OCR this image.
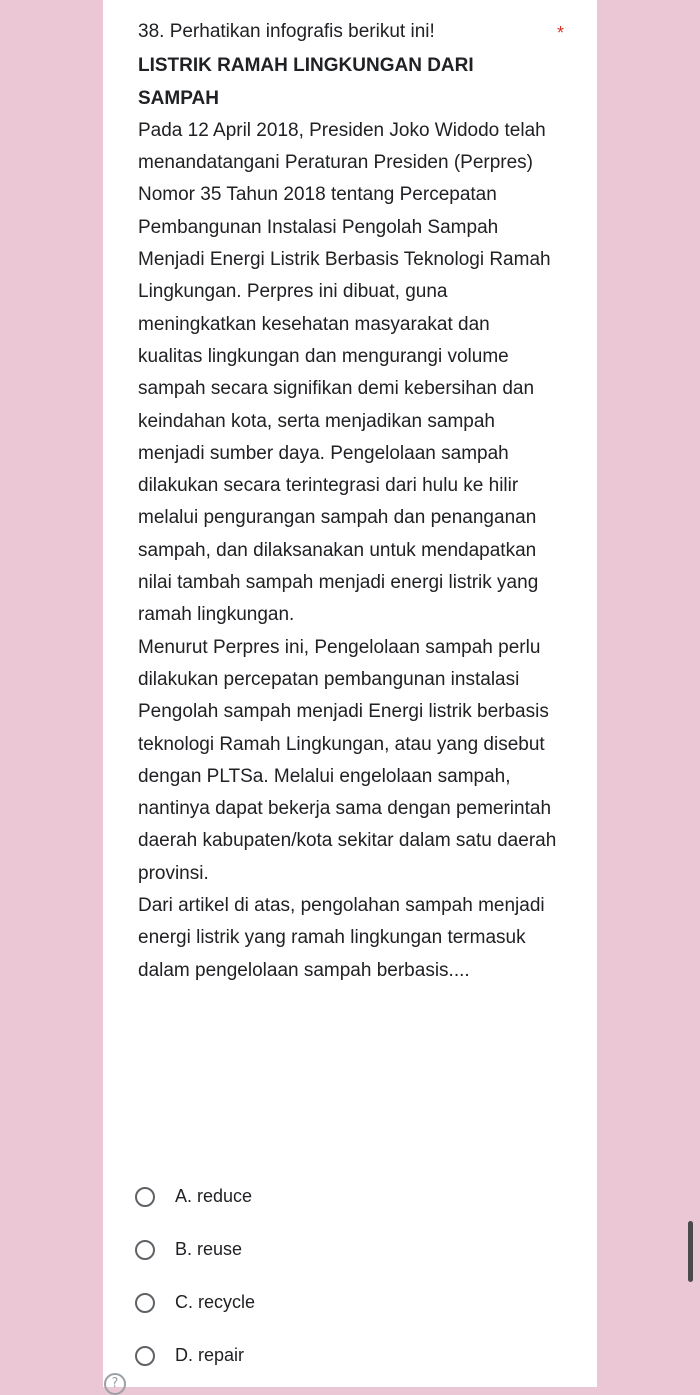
38. Perhatikan infografis berikut ini!
LISTRIK RAMAH LINGKUNGAN DARI SAMPAH

Pada 12 April 2018, Presiden Joko Widodo telah menandatangani Peraturan Presiden (Perpres) Nomor 35 Tahun 2018 tentang Percepatan Pembangunan Instalasi Pengolah Sampah Menjadi Energi Listrik Berbasis Teknologi Ramah Lingkungan. Perpres ini dibuat, guna meningkatkan kesehatan masyarakat dan kualitas lingkungan dan mengurangi volume sampah secara signifikan demi kebersihan dan keindahan kota, serta menjadikan sampah menjadi sumber daya. Pengelolaan sampah dilakukan secara terintegrasi dari hulu ke hilir melalui pengurangan sampah dan penanganan sampah, dan dilaksanakan untuk mendapatkan nilai tambah sampah menjadi energi listrik yang ramah lingkungan.

Menurut Perpres ini, Pengelolaan sampah perlu dilakukan percepatan pembangunan instalasi Pengolah sampah menjadi Energi listrik berbasis teknologi Ramah Lingkungan, atau yang disebut dengan PLTSa. Melalui engelolaan sampah, nantinya dapat bekerja sama dengan pemerintah daerah kabupaten/kota sekitar dalam satu daerah provinsi.

Dari artikel di atas, pengolahan sampah menjadi energi listrik yang ramah lingkungan termasuk dalam pengelolaan sampah berbasis....

*
A. reduce
B. reuse
C. recycle
D. repair
?
